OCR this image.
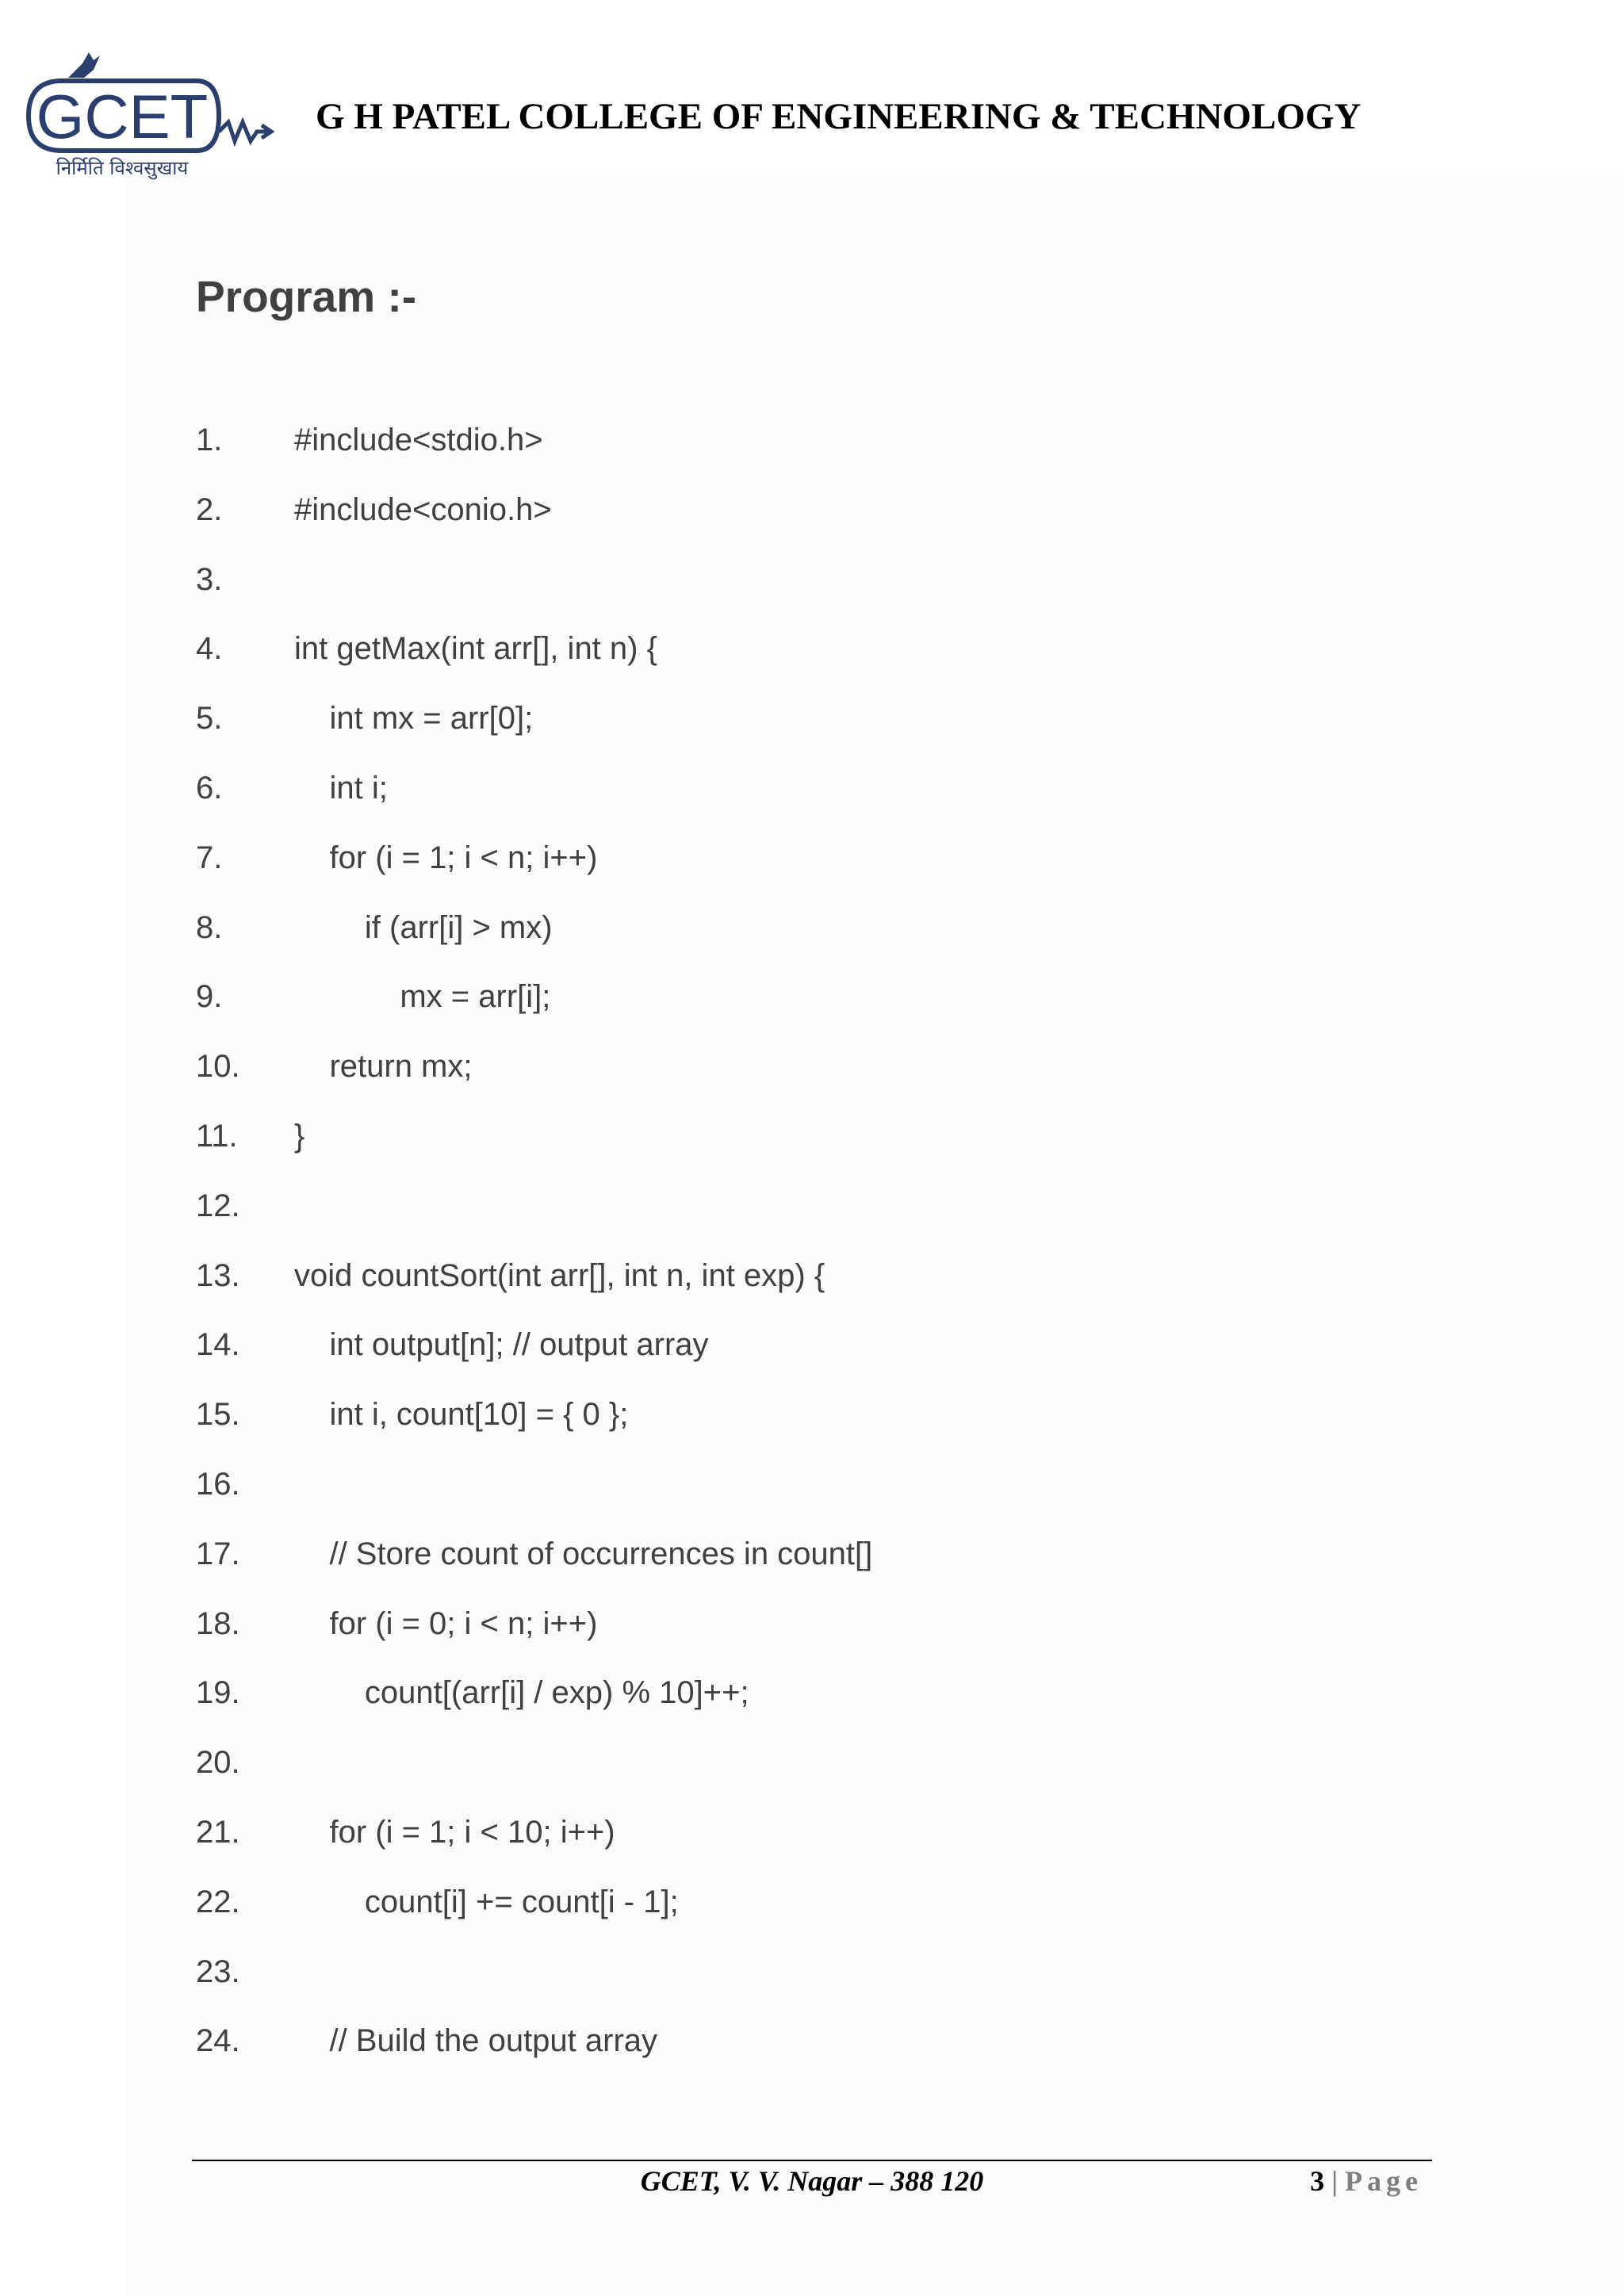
GCET
निर्मिति विश्वसुखाय
G H PATEL COLLEGE OF ENGINEERING & TECHNOLOGY
Program :-
1. #include<stdio.h>
2. #include<conio.h>
3.
4. int getMax(int arr[], int n) {
5. int mx = arr[0];
6. int i;
7. for (i = 1; i < n; i++)
8. if (arr[i] > mx)
9. mx = arr[i];
10. return mx;
11. }
12.
13. void countSort(int arr[], int n, int exp) {
14. int output[n]; // output array
15. int i, count[10] = { 0 };
16.
17. // Store count of occurrences in count[]
18. for (i = 0; i < n; i++)
19. count[(arr[i] / exp) % 10]++;
20.
21. for (i = 1; i < 10; i++)
22. count[i] += count[i - 1];
23.
24. // Build the output array

GCET, V. V. Nagar – 388 120	3 | Page
